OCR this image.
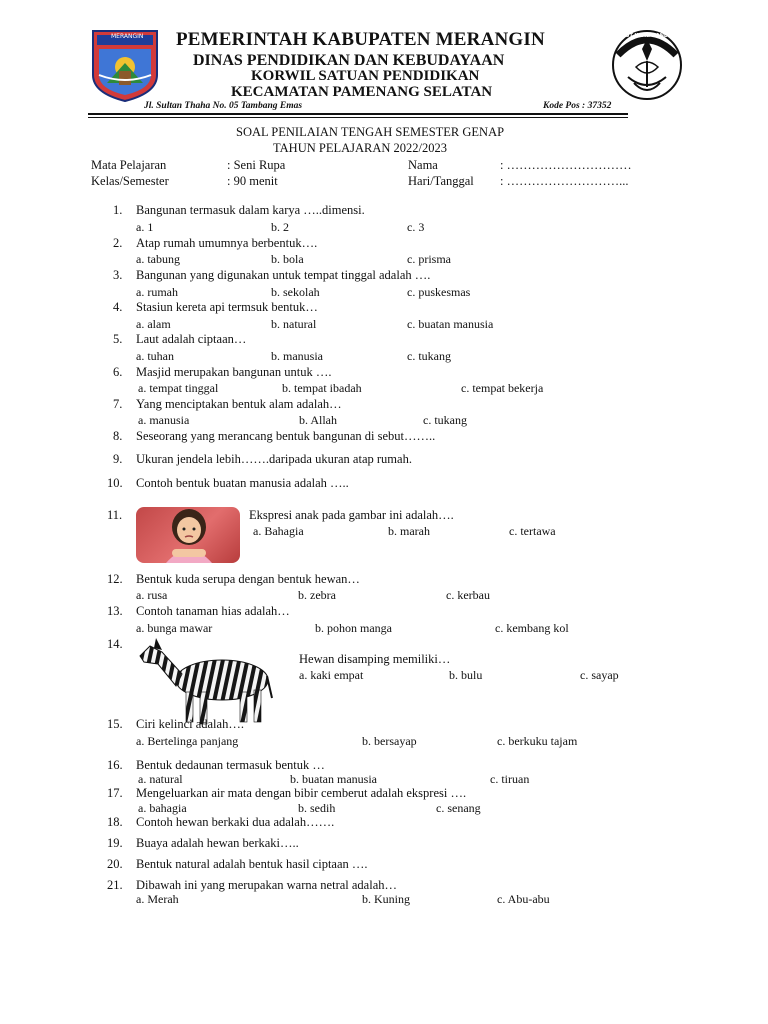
MERANGIN	TUT WURI HANDAYANI
PEMERINTAH KABUPATEN MERANGIN
DINAS PENDIDIKAN DAN KEBUDAYAAN
KORWIL SATUAN PENDIDIKAN
KECAMATAN PAMENANG SELATAN
Jl. Sultan Thaha No. 05 Tambang Emas	Kode Pos : 37352
SOAL PENILAIAN TENGAH SEMESTER GENAP
TAHUN PELAJARAN 2022/2023
Mata Pelajaran	: Seni Rupa	Nama	: …………………………
Kelas/Semester	: 90 menit	Hari/Tanggal : ………………………...
1. Bangunan termasuk dalam karya …..dimensi.
a. 1	b. 2	c. 3
2. Atap rumah umumnya berbentuk….
a. tabung	b. bola	c. prisma
3. Bangunan yang digunakan untuk tempat tinggal adalah ….
a. rumah	b. sekolah	c. puskesmas
4. Stasiun kereta api termsuk bentuk…
a. alam	b. natural	c. buatan manusia
5. Laut adalah ciptaan…
a. tuhan	b. manusia	c. tukang
6. Masjid merupakan bangunan untuk ….
a. tempat tinggal	b. tempat ibadah	c. tempat bekerja
7. Yang menciptakan bentuk alam adalah…
a. manusia	b. Allah	c. tukang
8. Seseorang yang merancang bentuk bangunan di sebut……..
9. Ukuran jendela lebih…….daripada ukuran atap rumah.
10. Contoh bentuk buatan manusia adalah …..
11.	Ekspresi anak pada gambar ini adalah….
a. Bahagia	b. marah	c. tertawa
12. Bentuk kuda serupa dengan bentuk hewan…
a. rusa	b. zebra	c. kerbau
13. Contoh tanaman hias adalah…
a. bunga mawar	b. pohon manga	c. kembang kol
14.
Hewan disamping memiliki…
a. kaki empat	b. bulu	c. sayap
15. Ciri kelinci adalah….
a. Bertelinga panjang	b. bersayap	c. berkuku tajam
16. Bentuk dedaunan termasuk bentuk …
a. natural	b. buatan manusia	c. tiruan
17. Mengeluarkan air mata dengan bibir cemberut adalah ekspresi ….
a. bahagia	b. sedih	c. senang
18. Contoh hewan berkaki dua adalah…….
19. Buaya adalah hewan berkaki…..
20. Bentuk natural adalah bentuk hasil ciptaan ….
21. Dibawah ini yang merupakan warna netral adalah…
a. Merah	b. Kuning	c. Abu-abu
